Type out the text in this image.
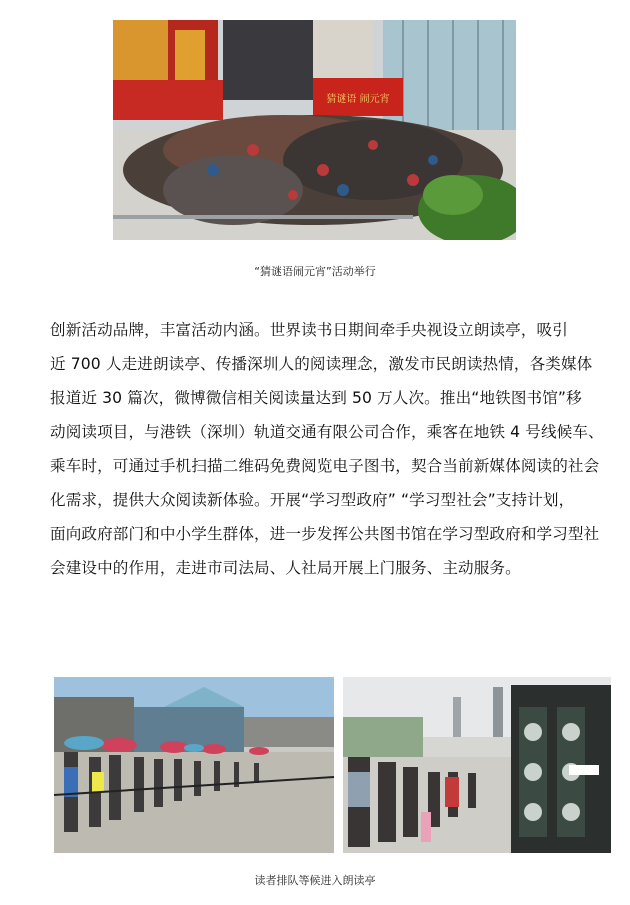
猜谜语 闹元宵
“猜谜语闹元宵”活动举行
创新活动品牌，丰富活动内涵。世界读书日期间牵手央视设立朗读亭，吸引
近 700 人走进朗读亭、传播深圳人的阅读理念，激发市民朗读热情，各类媒体
报道近 30 篇次，微博微信相关阅读量达到 50 万人次。推出“地铁图书馆”移
动阅读项目，与港铁（深圳）轨道交通有限公司合作，乘客在地铁 4 号线候车、
乘车时，可通过手机扫描二维码免费阅览电子图书，契合当前新媒体阅读的社会
化需求，提供大众阅读新体验。开展“学习型政府” “学习型社会”支持计划，
面向政府部门和中小学生群体，进一步发挥公共图书馆在学习型政府和学习型社
会建设中的作用，走进市司法局、人社局开展上门服务、主动服务。
读者排队等候进入朗读亭
